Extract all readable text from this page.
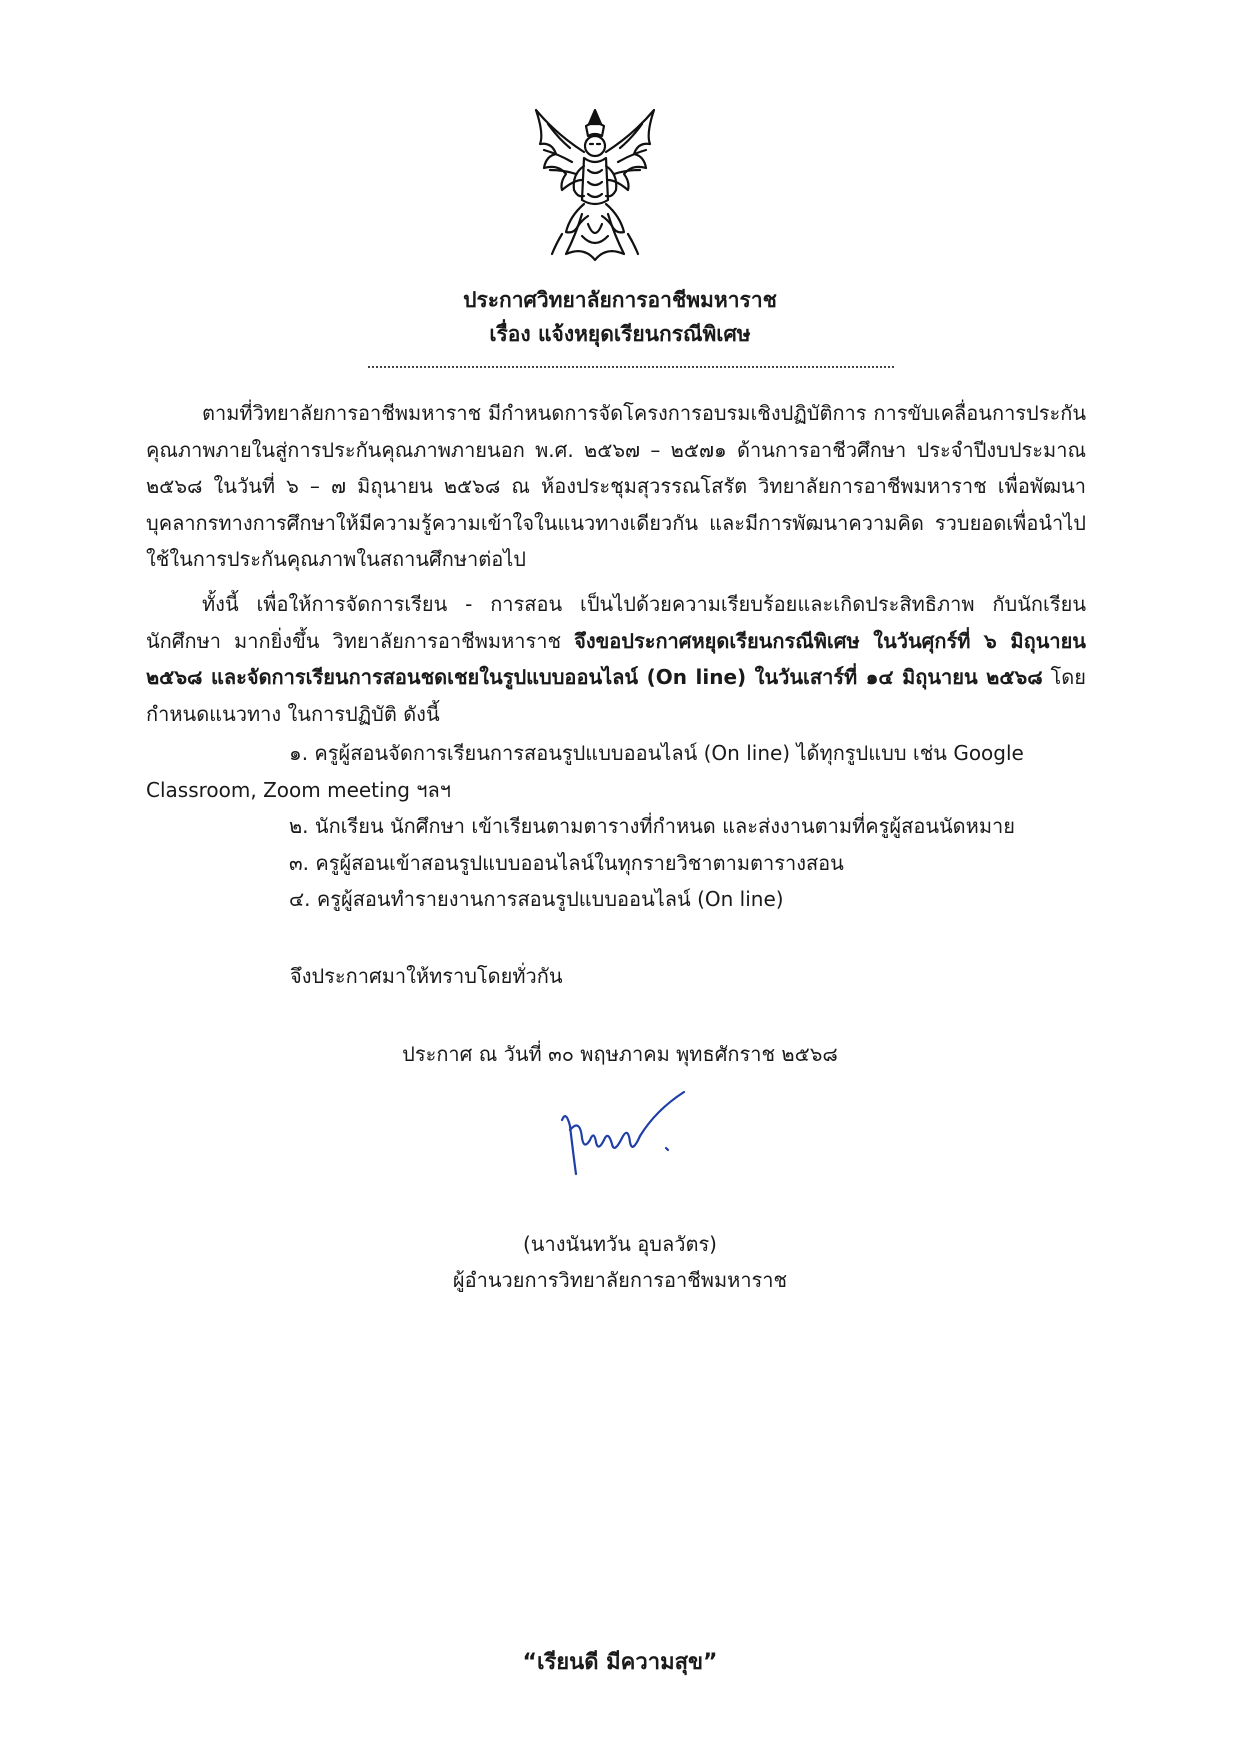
ประกาศวิทยาลัยการอาชีพมหาราช
เรื่อง แจ้งหยุดเรียนกรณีพิเศษ
ตามที่วิทยาลัยการอาชีพมหาราช มีกำหนดการจัดโครงการอบรมเชิงปฏิบัติการ การขับเคลื่อนการประกันคุณภาพภายในสู่การประกันคุณภาพภายนอก พ.ศ. ๒๕๖๗ – ๒๕๗๑ ด้านการอาชีวศึกษา ประจำปีงบประมาณ ๒๕๖๘ ในวันที่ ๖ – ๗ มิถุนายน ๒๕๖๘ ณ ห้องประชุมสุวรรณโสรัต วิทยาลัยการอาชีพมหาราช เพื่อพัฒนาบุคลากรทางการศึกษาให้มีความรู้ความเข้าใจในแนวทางเดียวกัน และมีการพัฒนาความคิด รวบยอดเพื่อนำไปใช้ในการประกันคุณภาพในสถานศึกษาต่อไป
ทั้งนี้ เพื่อให้การจัดการเรียน - การสอน เป็นไปด้วยความเรียบร้อยและเกิดประสิทธิภาพ กับนักเรียน นักศึกษา มากยิ่งขึ้น วิทยาลัยการอาชีพมหาราช จึงขอประกาศหยุดเรียนกรณีพิเศษ ในวันศุกร์ที่ ๖ มิถุนายน ๒๕๖๘ และจัดการเรียนการสอนชดเชยในรูปแบบออนไลน์ (On line) ในวันเสาร์ที่ ๑๔ มิถุนายน ๒๕๖๘ โดยกำหนดแนวทาง ในการปฏิบัติ ดังนี้
๑. ครูผู้สอนจัดการเรียนการสอนรูปแบบออนไลน์ (On line) ได้ทุกรูปแบบ เช่น Google Classroom, Zoom meeting ฯลฯ
๒. นักเรียน นักศึกษา เข้าเรียนตามตารางที่กำหนด และส่งงานตามที่ครูผู้สอนนัดหมาย
๓. ครูผู้สอนเข้าสอนรูปแบบออนไลน์ในทุกรายวิชาตามตารางสอน
๔. ครูผู้สอนทำรายงานการสอนรูปแบบออนไลน์ (On line)
จึงประกาศมาให้ทราบโดยทั่วกัน
ประกาศ ณ วันที่ ๓๐ พฤษภาคม พุทธศักราช ๒๕๖๘
(นางนันทวัน อุบลวัตร)
ผู้อำนวยการวิทยาลัยการอาชีพมหาราช
“เรียนดี มีความสุข”
